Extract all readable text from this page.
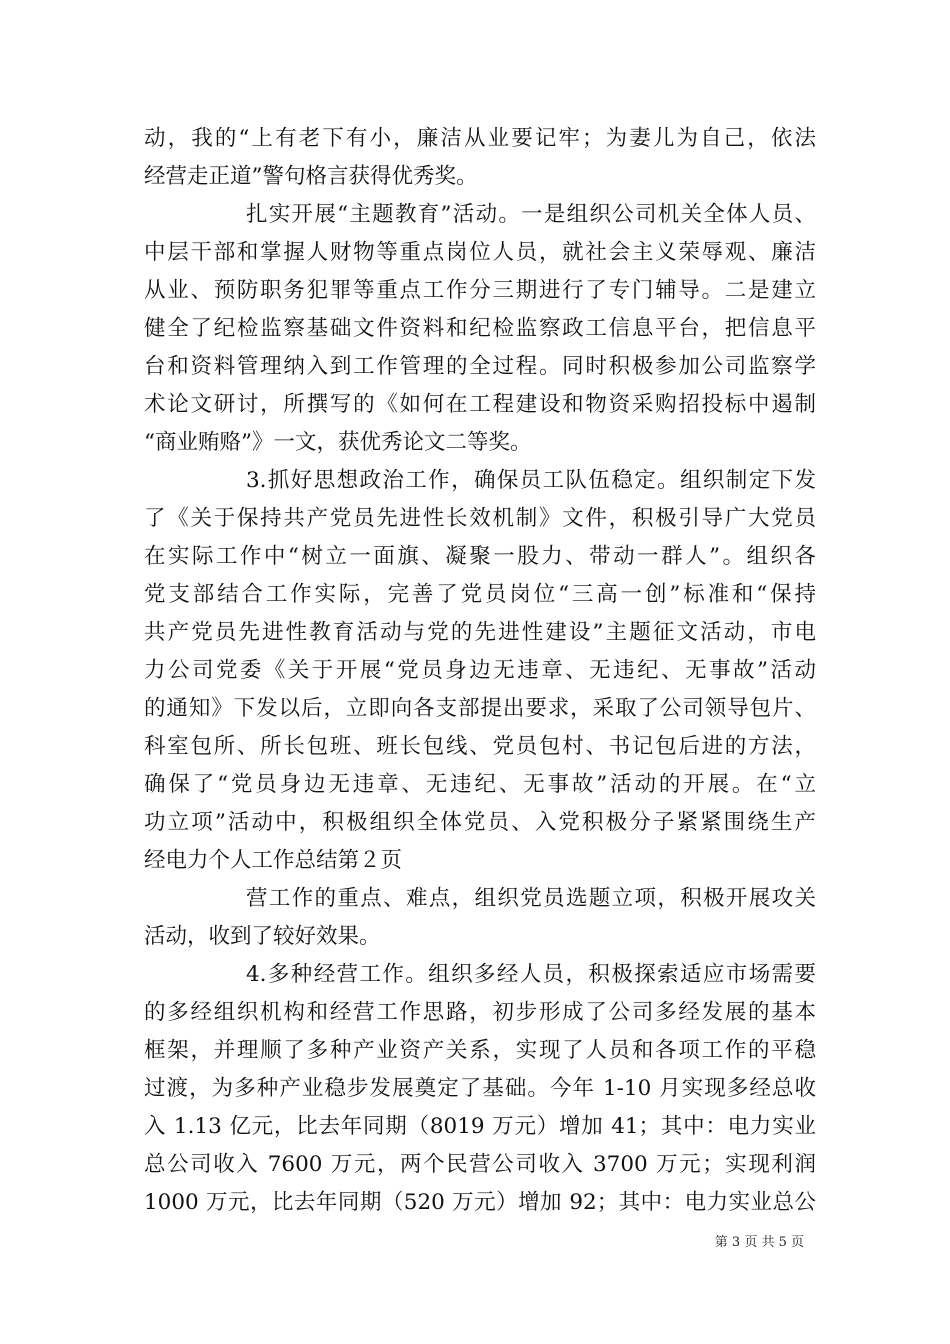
动，我的“上有老下有小，廉洁从业要记牢；为妻儿为自己，依法
经营走正道”警句格言获得优秀奖。
扎实开展“主题教育”活动。一是组织公司机关全体人员、
中层干部和掌握人财物等重点岗位人员，就社会主义荣辱观、廉洁
从业、预防职务犯罪等重点工作分三期进行了专门辅导。二是建立
健全了纪检监察基础文件资料和纪检监察政工信息平台，把信息平
台和资料管理纳入到工作管理的全过程。同时积极参加公司监察学
术论文研讨，所撰写的《如何在工程建设和物资采购招投标中遏制
“商业贿赂”》一文，获优秀论文二等奖。
3.抓好思想政治工作，确保员工队伍稳定。组织制定下发
了《关于保持共产党员先进性长效机制》文件，积极引导广大党员
在实际工作中“树立一面旗、凝聚一股力、带动一群人”。组织各
党支部结合工作实际，完善了党员岗位“三高一创”标准和“保持
共产党员先进性教育活动与党的先进性建设”主题征文活动，市电
力公司党委《关于开展“党员身边无违章、无违纪、无事故”活动
的通知》下发以后，立即向各支部提出要求，采取了公司领导包片、
科室包所、所长包班、班长包线、党员包村、书记包后进的方法，
确保了“党员身边无违章、无违纪、无事故”活动的开展。在“立
功立项”活动中，积极组织全体党员、入党积极分子紧紧围绕生产
经电力个人工作总结第２页
营工作的重点、难点，组织党员选题立项，积极开展攻关
活动，收到了较好效果。
4.多种经营工作。组织多经人员，积极探索适应市场需要
的多经组织机构和经营工作思路，初步形成了公司多经发展的基本
框架，并理顺了多种产业资产关系，实现了人员和各项工作的平稳
过渡，为多种产业稳步发展奠定了基础。今年 1-10 月实现多经总收
入 1.13 亿元，比去年同期（8019 万元）增加 41；其中：电力实业
总公司收入 7600 万元，两个民营公司收入 3700 万元；实现利润
1000 万元，比去年同期（520 万元）增加 92；其中：电力实业总公
第 3 页 共 5 页
